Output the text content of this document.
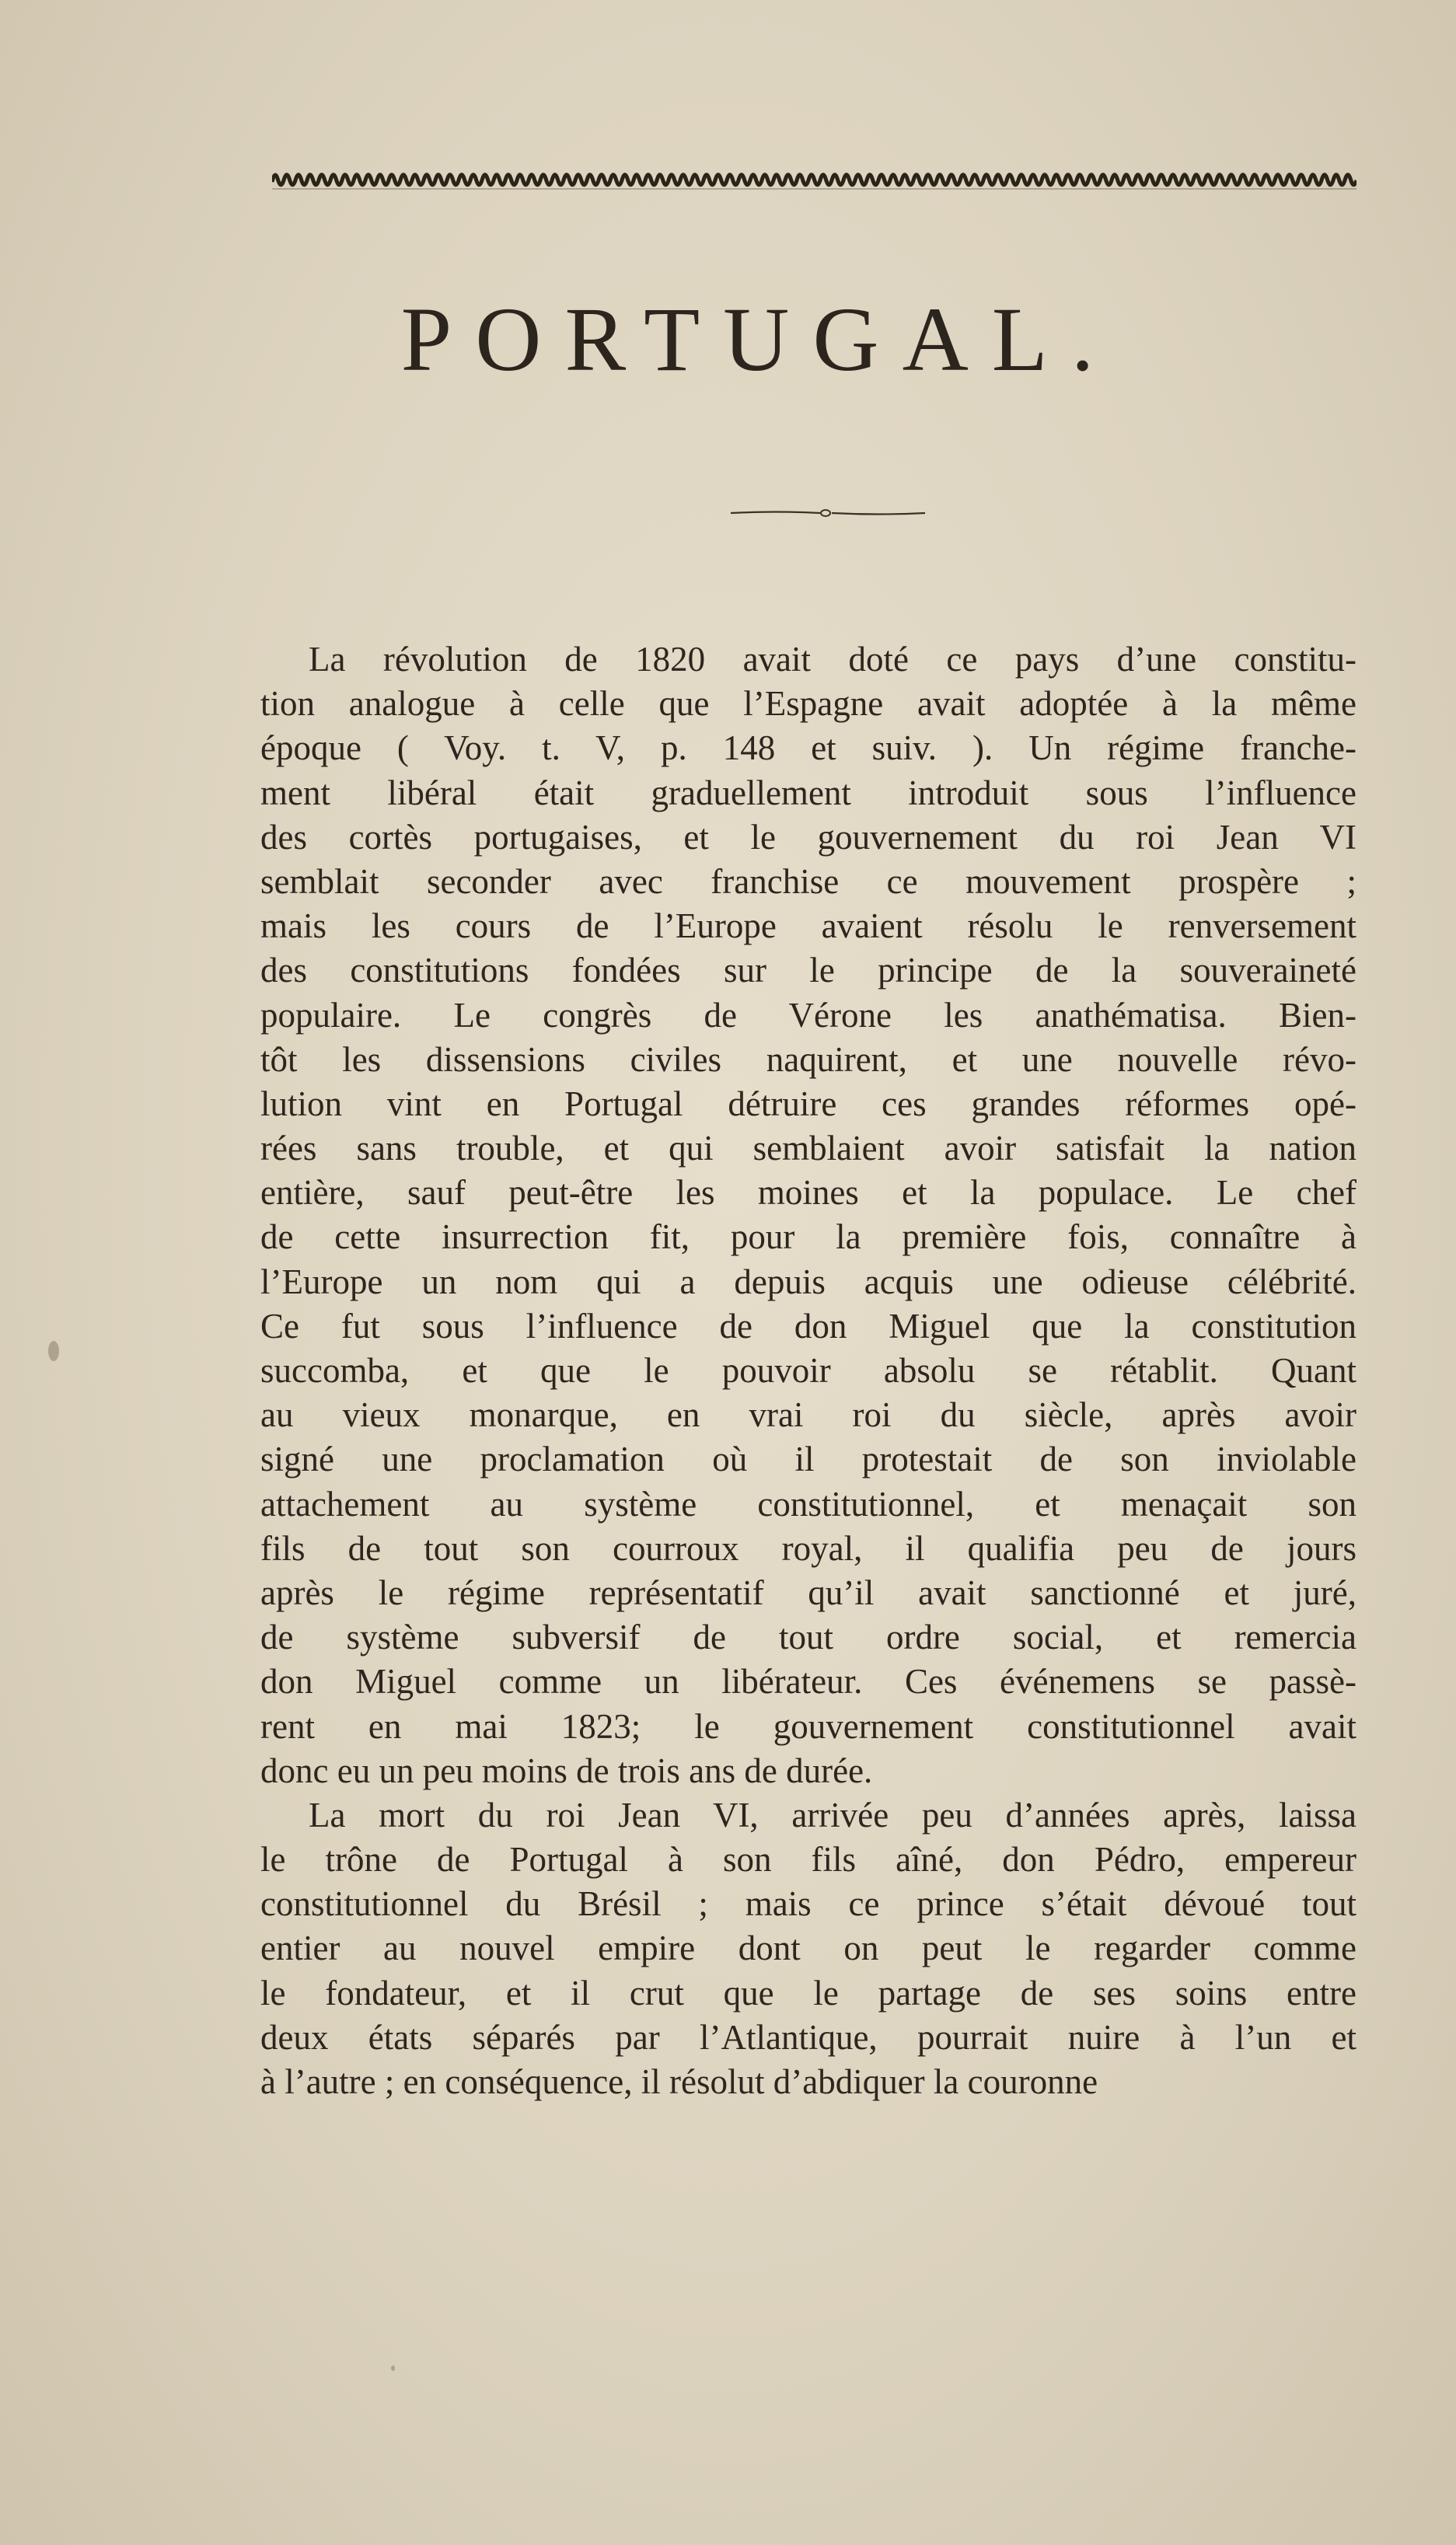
PORTUGAL.
La révolution de 1820 avait doté ce pays d’une constitu-
tion analogue à celle que l’Espagne avait adoptée à la même
époque ( Voy. t. V, p. 148 et suiv. ). Un régime franche-
ment libéral était graduellement introduit sous l’influence
des cortès portugaises, et le gouvernement du roi Jean VI
semblait seconder avec franchise ce mouvement prospère ;
mais les cours de l’Europe avaient résolu le renversement
des constitutions fondées sur le principe de la souveraineté
populaire. Le congrès de Vérone les anathématisa. Bien-
tôt les dissensions civiles naquirent, et une nouvelle révo-
lution vint en Portugal détruire ces grandes réformes opé-
rées sans trouble, et qui semblaient avoir satisfait la nation
entière, sauf peut-être les moines et la populace. Le chef
de cette insurrection fit, pour la première fois, connaître à
l’Europe un nom qui a depuis acquis une odieuse célébrité.
Ce fut sous l’influence de don Miguel que la constitution
succomba, et que le pouvoir absolu se rétablit. Quant
au vieux monarque, en vrai roi du siècle, après avoir
signé une proclamation où il protestait de son inviolable
attachement au système constitutionnel, et menaçait son
fils de tout son courroux royal, il qualifia peu de jours
après le régime représentatif qu’il avait sanctionné et juré,
de système subversif de tout ordre social, et remercia
don Miguel comme un libérateur. Ces événemens se passè-
rent en mai 1823; le gouvernement constitutionnel avait
donc eu un peu moins de trois ans de durée.
La mort du roi Jean VI, arrivée peu d’années après, laissa
le trône de Portugal à son fils aîné, don Pédro, empereur
constitutionnel du Brésil ; mais ce prince s’était dévoué tout
entier au nouvel empire dont on peut le regarder comme
le fondateur, et il crut que le partage de ses soins entre
deux états séparés par l’Atlantique, pourrait nuire à l’un et
à l’autre ; en conséquence, il résolut d’abdiquer la couronne
